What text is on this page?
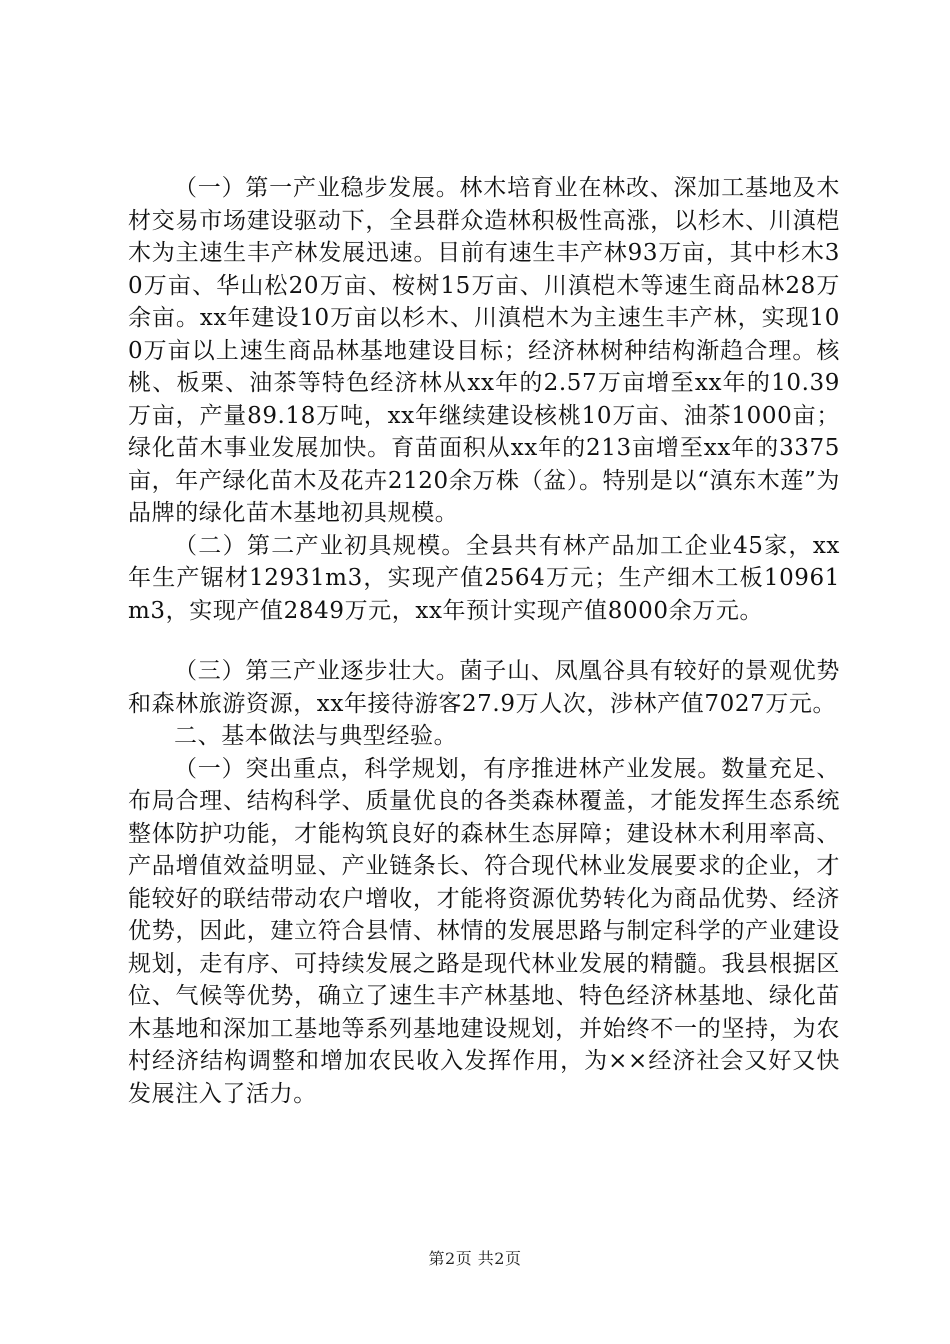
（一）第一产业稳步发展。林木培育业在林改、深加工基地及木材交易市场建设驱动下，全县群众造林积极性高涨，以杉木、川滇桤木为主速生丰产林发展迅速。目前有速生丰产林93万亩，其中杉木30万亩、华山松20万亩、桉树15万亩、川滇桤木等速生商品林28万余亩。xx年建设10万亩以杉木、川滇桤木为主速生丰产林，实现100万亩以上速生商品林基地建设目标；经济林树种结构渐趋合理。核桃、板栗、油茶等特色经济林从xx年的2.57万亩增至xx年的10.39万亩，产量89.18万吨，xx年继续建设核桃10万亩、油茶1000亩；绿化苗木事业发展加快。育苗面积从xx年的213亩增至xx年的3375亩，年产绿化苗木及花卉2120余万株（盆）。特别是以“滇东木莲”为品牌的绿化苗木基地初具规模。

（二）第二产业初具规模。全县共有林产品加工企业45家，xx年生产锯材12931m3，实现产值2564万元；生产细木工板10961m3，实现产值2849万元，xx年预计实现产值8000余万元。

（三）第三产业逐步壮大。菌子山、凤凰谷具有较好的景观优势和森林旅游资源，xx年接待游客27.9万人次，涉林产值7027万元。

二、基本做法与典型经验。

（一）突出重点，科学规划，有序推进林产业发展。数量充足、布局合理、结构科学、质量优良的各类森林覆盖，才能发挥生态系统整体防护功能，才能构筑良好的森林生态屏障；建设林木利用率高、产品增值效益明显、产业链条长、符合现代林业发展要求的企业，才能较好的联结带动农户增收，才能将资源优势转化为商品优势、经济优势，因此，建立符合县情、林情的发展思路与制定科学的产业建设规划，走有序、可持续发展之路是现代林业发展的精髓。我县根据区位、气候等优势，确立了速生丰产林基地、特色经济林基地、绿化苗木基地和深加工基地等系列基地建设规划，并始终不一的坚持，为农村经济结构调整和增加农民收入发挥作用，为××经济社会又好又快发展注入了活力。

第2页 共2页
